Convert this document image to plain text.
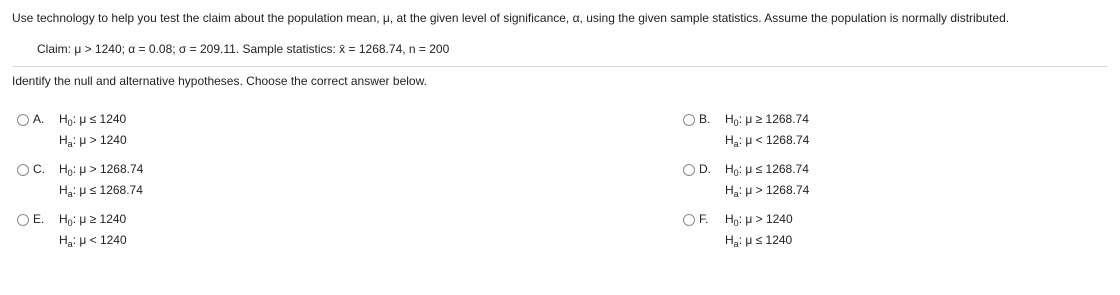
Use technology to help you test the claim about the population mean, μ, at the given level of significance, α, using the given sample statistics. Assume the population is normally distributed.
Claim: μ > 1240; α = 0.08; σ = 209.11. Sample statistics: x̄ = 1268.74, n = 200
Identify the null and alternative hypotheses. Choose the correct answer below.
A. $H_0$: μ ≤ 1240
$H_a$: μ > 1240
B. $H_0$: μ ≥ 1268.74
$H_a$: μ < 1268.74
C. $H_0$: μ > 1268.74
$H_a$: μ ≤ 1268.74
D. $H_0$: μ ≤ 1268.74
$H_a$: μ > 1268.74
E. $H_0$: μ ≥ 1240
$H_a$: μ < 1240
F. $H_0$: μ > 1240
$H_a$: μ ≤ 1240
